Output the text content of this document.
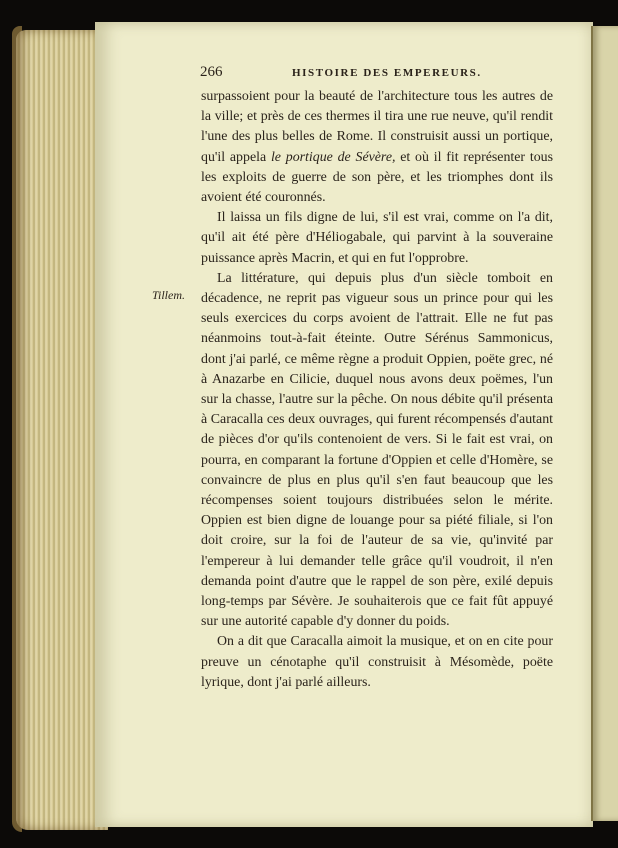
266	HISTOIRE DES EMPEREURS.
Tillem.

surpassoient pour la beauté de l'architecture tous les autres de la ville; et près de ces thermes il tira une rue neuve, qu'il rendit l'une des plus belles de Rome. Il construisit aussi un portique, qu'il appela le portique de Sévère, et où il fit représenter tous les exploits de guerre de son père, et les triomphes dont ils avoient été couronnés.

Il laissa un fils digne de lui, s'il est vrai, comme on l'a dit, qu'il ait été père d'Héliogabale, qui parvint à la souveraine puissance après Macrin, et qui en fut l'opprobre.

La littérature, qui depuis plus d'un siècle tomboit en décadence, ne reprit pas vigueur sous un prince pour qui les seuls exercices du corps avoient de l'attrait. Elle ne fut pas néanmoins tout-à-fait éteinte. Outre Sérénus Sammonicus, dont j'ai parlé, ce même règne a produit Oppien, poëte grec, né à Anazarbe en Cilicie, duquel nous avons deux poëmes, l'un sur la chasse, l'autre sur la pêche. On nous débite qu'il présenta à Caracalla ces deux ouvrages, qui furent récompensés d'autant de pièces d'or qu'ils contenoient de vers. Si le fait est vrai, on pourra, en comparant la fortune d'Oppien et celle d'Homère, se convaincre de plus en plus qu'il s'en faut beaucoup que les récompenses soient toujours distribuées selon le mérite. Oppien est bien digne de louange pour sa piété filiale, si l'on doit croire, sur la foi de l'auteur de sa vie, qu'invité par l'empereur à lui demander telle grâce qu'il voudroit, il n'en demanda point d'autre que le rappel de son père, exilé depuis long-temps par Sévère. Je souhaiterois que ce fait fût appuyé sur une autorité capable d'y donner du poids.

On a dit que Caracalla aimoit la musique, et on en cite pour preuve un cénotaphe qu'il construisit à Mésomède, poëte lyrique, dont j'ai parlé ailleurs.
